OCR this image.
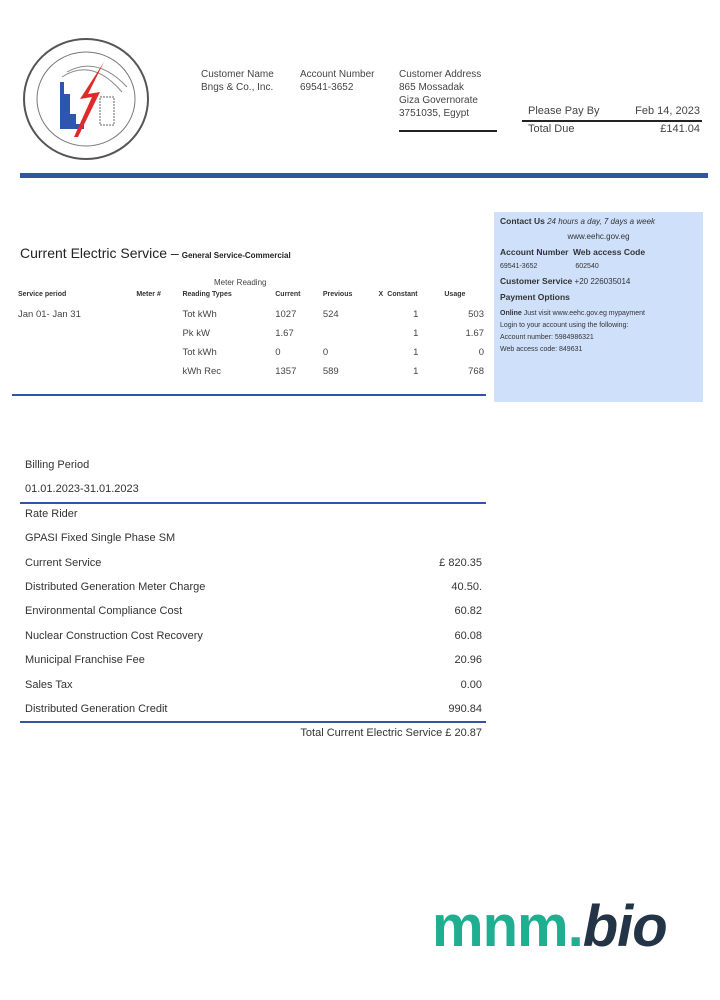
Customer Name
Bngs & Co., Inc.
Account Number
69541-3652
Customer Address
865 Mossadak
Giza Governorate
3751035, Egypt	Please Pay By	Feb 14, 2023
Total Due	£141.04
Current Electric Service – General Service-Commercial
Meter Reading
Service period	Meter #	Reading Types	Current	Previous	X	Constant	Usage
Jan 01- Jan 31		Tot kWh	1027	524		1	503
		Pk kW	1.67			1	1.67
		Tot kWh	0	0		1	0
		kWh Rec	1357	589		1	768
Contact Us 24 hours a day, 7 days a week
www.eehc.gov.eg
Account Number Web access Code
69541-3652	602540
Customer Service +20 226035014
Payment Options
Online Just visit www.eehc.gov.eg mypayment
Login to your account using the following:
Account number: 5984986321
Web access code: 849631
Billing Period
01.01.2023-31.01.2023
Rate Rider
GPASI Fixed Single Phase SM
Current Service	£ 820.35
Distributed Generation Meter Charge	40.50.
Environmental Compliance Cost	60.82
Nuclear Construction Cost Recovery	60.08
Municipal Franchise Fee	20.96
Sales Tax	0.00
Distributed Generation Credit	990.84
Total Current Electric Service £ 20.87
mnm.bio
